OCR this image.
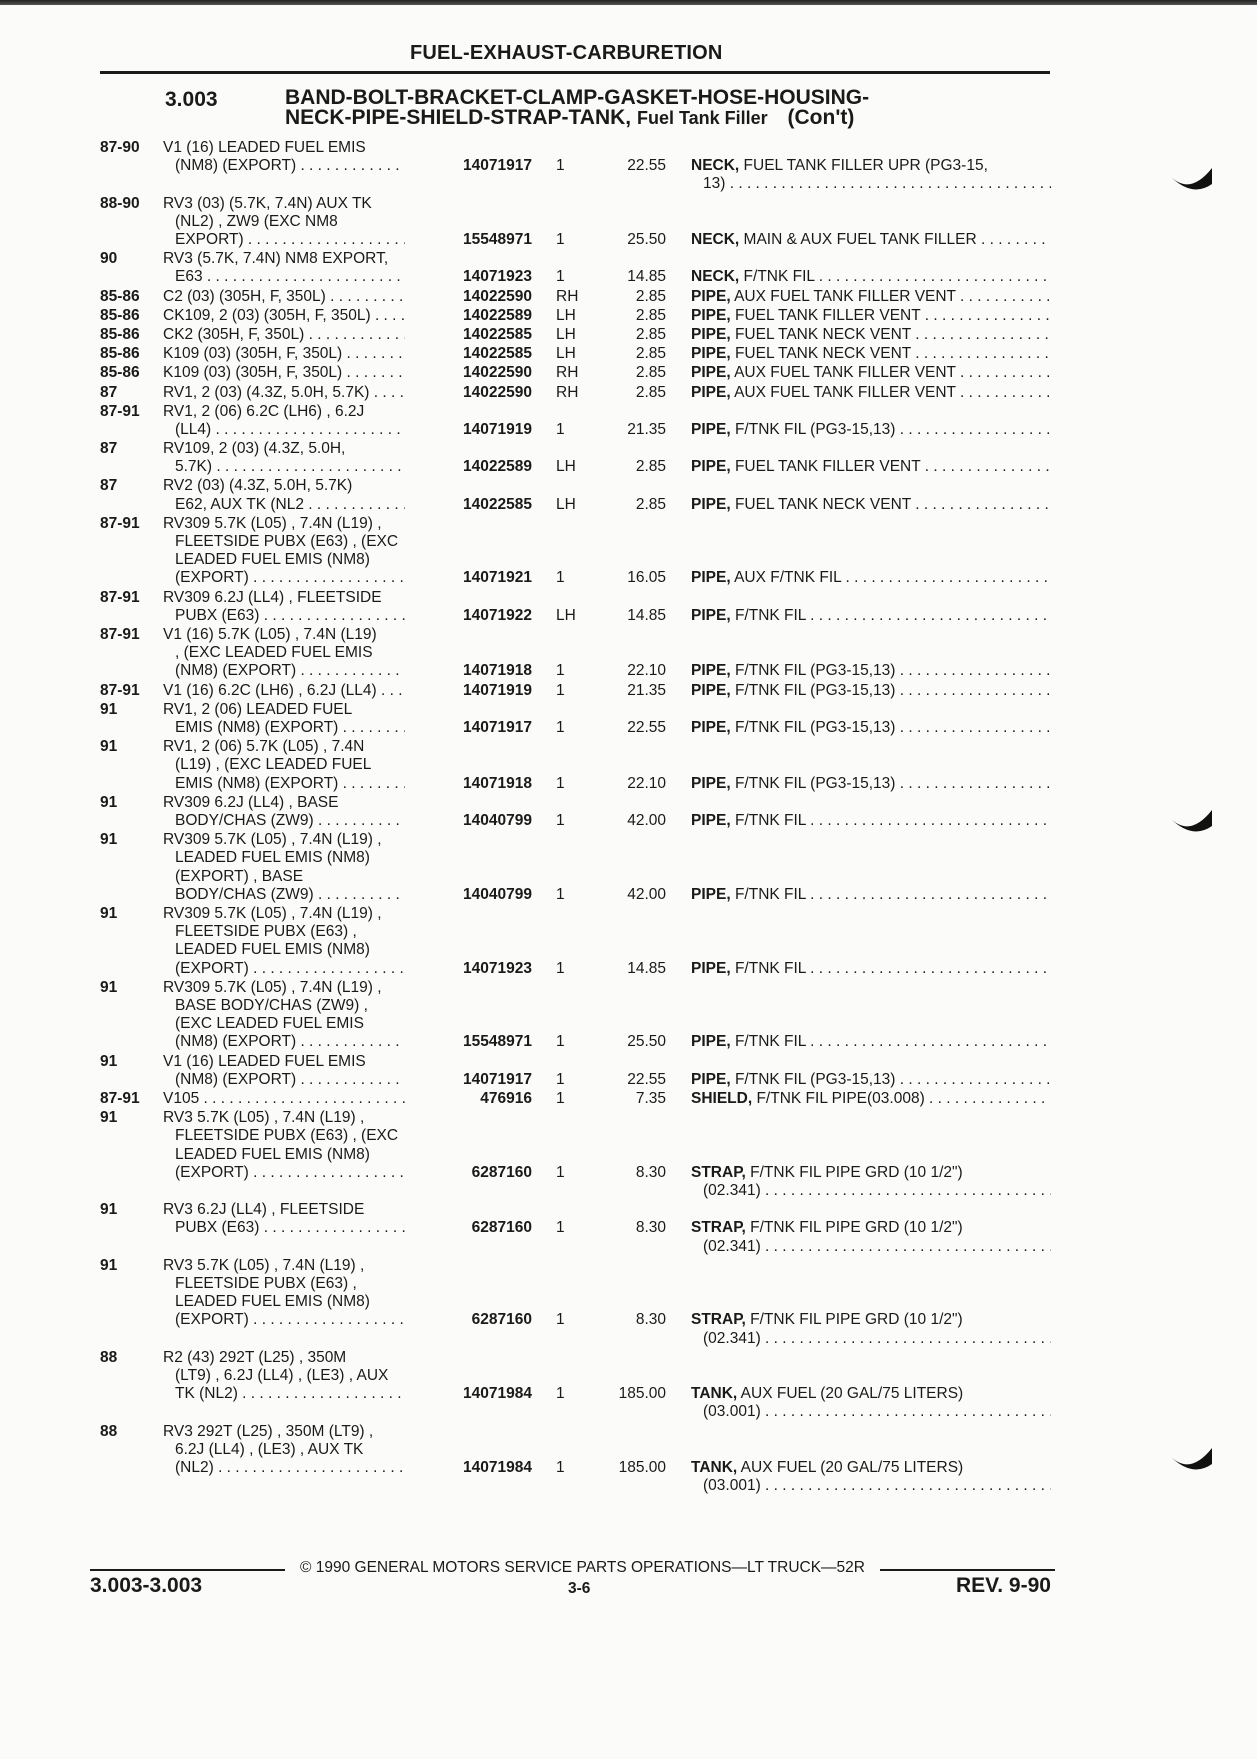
FUEL-EXHAUST-CARBURETION
3.003	BAND-BOLT-BRACKET-CLAMP-GASKET-HOSE-HOUSING-
NECK-PIPE-SHIELD-STRAP-TANK, Fuel Tank Filler (Con't)
87-90 V1 (16) LEADED FUEL EMIS
(NM8) (EXPORT) . . .	14071917 1	22.55 NECK, FUEL TANK FILLER UPR (PG3-15,
13) . . .
88-90 RV3 (03) (5.7K, 7.4N) AUX TK
(NL2) , ZW9 (EXC NM8
EXPORT) . . .	15548971 1	25.50 NECK, MAIN & AUX FUEL TANK FILLER . . .
90	RV3 (5.7K, 7.4N) NM8 EXPORT,
E63 . . .	14071923 1	14.85 NECK, F/TNK FIL . . .
85-86 C2 (03) (305H, F, 350L) . . .	14022590 RH	2.85 PIPE, AUX FUEL TANK FILLER VENT . . .
85-86 CK109, 2 (03) (305H, F, 350L) . . .	14022589 LH	2.85 PIPE, FUEL TANK FILLER VENT . . .
85-86 CK2 (305H, F, 350L) . . .	14022585 LH	2.85 PIPE, FUEL TANK NECK VENT . . .
85-86 K109 (03) (305H, F, 350L) . . .	14022585 LH	2.85 PIPE, FUEL TANK NECK VENT . . .
85-86 K109 (03) (305H, F, 350L) . . .	14022590 RH	2.85 PIPE, AUX FUEL TANK FILLER VENT . . .
87	RV1, 2 (03) (4.3Z, 5.0H, 5.7K) . . .	14022590 RH	2.85 PIPE, AUX FUEL TANK FILLER VENT . . .
87-91 RV1, 2 (06) 6.2C (LH6) , 6.2J
(LL4) . . .	14071919 1	21.35 PIPE, F/TNK FIL (PG3-15,13) . . .
87	RV109, 2 (03) (4.3Z, 5.0H,
5.7K) . . .	14022589 LH	2.85 PIPE, FUEL TANK FILLER VENT . . .
87	RV2 (03) (4.3Z, 5.0H, 5.7K)
E62, AUX TK (NL2 . . .	14022585 LH	2.85 PIPE, FUEL TANK NECK VENT . . .
87-91 RV309 5.7K (L05) , 7.4N (L19) ,
FLEETSIDE PUBX (E63) , (EXC
LEADED FUEL EMIS (NM8)
(EXPORT) . . .	14071921 1	16.05 PIPE, AUX F/TNK FIL . . .
87-91 RV309 6.2J (LL4) , FLEETSIDE
PUBX (E63) . . .	14071922 LH	14.85 PIPE, F/TNK FIL . . .
87-91 V1 (16) 5.7K (L05) , 7.4N (L19)
, (EXC LEADED FUEL EMIS
(NM8) (EXPORT) . . .	14071918 1	22.10 PIPE, F/TNK FIL (PG3-15,13) . . .
87-91 V1 (16) 6.2C (LH6) , 6.2J (LL4) . . .	14071919 1	21.35 PIPE, F/TNK FIL (PG3-15,13) . . .
91	RV1, 2 (06) LEADED FUEL
EMIS (NM8) (EXPORT) . . .	14071917 1	22.55 PIPE, F/TNK FIL (PG3-15,13) . . .
91	RV1, 2 (06) 5.7K (L05) , 7.4N
(L19) , (EXC LEADED FUEL
EMIS (NM8) (EXPORT) . . .	14071918 1	22.10 PIPE, F/TNK FIL (PG3-15,13) . . .
91	RV309 6.2J (LL4) , BASE
BODY/CHAS (ZW9) . . .	14040799 1	42.00 PIPE, F/TNK FIL . . .
91	RV309 5.7K (L05) , 7.4N (L19) ,
LEADED FUEL EMIS (NM8)
(EXPORT) , BASE
BODY/CHAS (ZW9) . . .	14040799 1	42.00 PIPE, F/TNK FIL . . .
91	RV309 5.7K (L05) , 7.4N (L19) ,
FLEETSIDE PUBX (E63) ,
LEADED FUEL EMIS (NM8)
(EXPORT) . . .	14071923 1	14.85 PIPE, F/TNK FIL . . .
91	RV309 5.7K (L05) , 7.4N (L19) ,
BASE BODY/CHAS (ZW9) ,
(EXC LEADED FUEL EMIS
(NM8) (EXPORT) . . .	15548971 1	25.50 PIPE, F/TNK FIL . . .
91	V1 (16) LEADED FUEL EMIS
(NM8) (EXPORT) . . .	14071917 1	22.55 PIPE, F/TNK FIL (PG3-15,13) . . .
87-91 V105 . . .	476916 1	7.35 SHIELD, F/TNK FIL PIPE(03.008) . . .
91	RV3 5.7K (L05) , 7.4N (L19) ,
FLEETSIDE PUBX (E63) , (EXC
LEADED FUEL EMIS (NM8)
(EXPORT) . . .	6287160 1	8.30 STRAP, F/TNK FIL PIPE GRD (10 1/2")
(02.341) . . .
91	RV3 6.2J (LL4) , FLEETSIDE
PUBX (E63) . . .	6287160 1	8.30 STRAP, F/TNK FIL PIPE GRD (10 1/2")
(02.341) . . .
91	RV3 5.7K (L05) , 7.4N (L19) ,
FLEETSIDE PUBX (E63) ,
LEADED FUEL EMIS (NM8)
(EXPORT) . . .	6287160 1	8.30 STRAP, F/TNK FIL PIPE GRD (10 1/2")
(02.341) . . .
88	R2 (43) 292T (L25) , 350M
(LT9) , 6.2J (LL4) , (LE3) , AUX
TK (NL2) . . .	14071984 1	185.00 TANK, AUX FUEL (20 GAL/75 LITERS)
(03.001) . . .
88	RV3 292T (L25) , 350M (LT9) ,
6.2J (LL4) , (LE3) , AUX TK
(NL2) . . .	14071984 1	185.00 TANK, AUX FUEL (20 GAL/75 LITERS)
(03.001) . . .
© 1990 GENERAL MOTORS SERVICE PARTS OPERATIONS—LT TRUCK—52R
3.003-3.003	3-6	REV. 9-90
